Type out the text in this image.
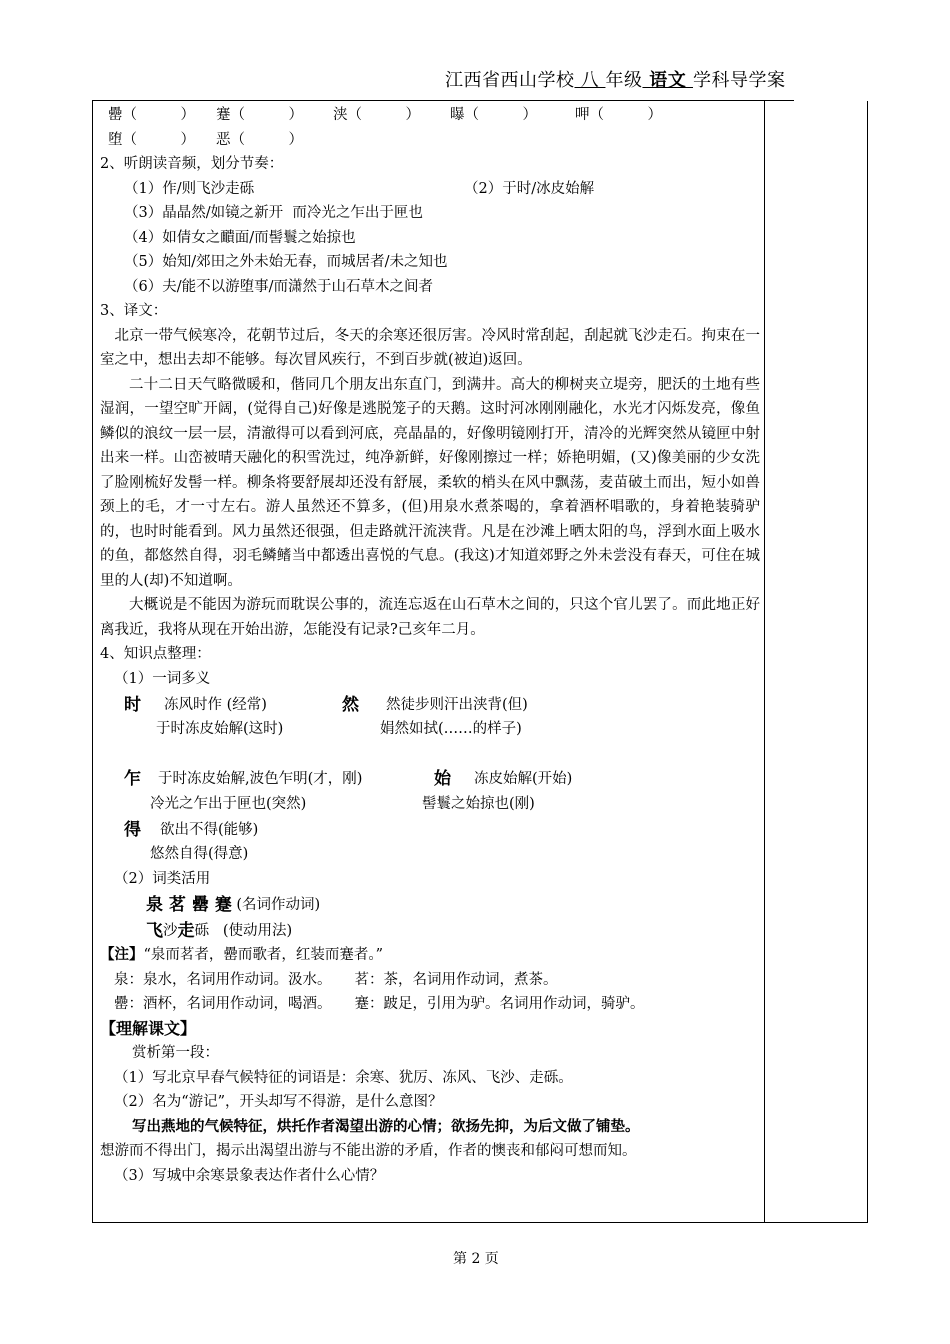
江西省西山学校 八 年级 语文 学科导学案
罍（　　　）	蹇（　　　）	浃（　　　）	曝（　　　）	呷（　　　）
堕（　　　）	恶（　　　）
2、听朗读音频，划分节奏：
（1）作/则飞沙走砾	（2）于时/冰皮始解
（3）晶晶然/如镜之新开  而冷光之乍出于匣也
（4）如倩女之靧面/而髻鬟之始掠也
（5）始知/郊田之外未始无春，而城居者/未之知也
（6）夫/能不以游堕事/而潇然于山石草木之间者
3、译文：

北京一带气候寒冷，花朝节过后，冬天的余寒还很厉害。冷风时常刮起，刮起就飞沙走石。拘束在一室之中，想出去却不能够。每次冒风疾行，不到百步就(被迫)返回。

二十二日天气略微暖和，偕同几个朋友出东直门，到满井。高大的柳树夹立堤旁，肥沃的土地有些湿润，一望空旷开阔，(觉得自己)好像是逃脱笼子的天鹅。这时河冰刚刚融化，水光才闪烁发亮，像鱼鳞似的浪纹一层一层，清澈得可以看到河底，亮晶晶的，好像明镜刚打开，清冷的光辉突然从镜匣中射出来一样。山峦被晴天融化的积雪洗过，纯净新鲜，好像刚擦过一样；娇艳明媚，(又)像美丽的少女洗了脸刚梳好发髻一样。柳条将要舒展却还没有舒展，柔软的梢头在风中飘荡，麦苗破土而出，短小如兽颈上的毛，才一寸左右。游人虽然还不算多，(但)用泉水煮茶喝的，拿着酒杯唱歌的，身着艳装骑驴的，也时时能看到。风力虽然还很强，但走路就汗流浃背。凡是在沙滩上晒太阳的鸟，浮到水面上吸水的鱼，都悠然自得，羽毛鳞鳍当中都透出喜悦的气息。(我这)才知道郊野之外未尝没有春天，可住在城里的人(却)不知道啊。

大概说是不能因为游玩而耽误公事的，流连忘返在山石草木之间的，只这个官儿罢了。而此地正好离我近，我将从现在开始出游，怎能没有记录?己亥年二月。

4、知识点整理：
（1）一词多义
时	冻风时作 (经常)	然	然徒步则汗出浃背(但)
于时冻皮始解(这时)	娟然如拭(……的样子)
乍	于时冻皮始解,波色乍明(才，刚)	始	冻皮始解(开始)
冷光之乍出于匣也(突然)	髻鬟之始掠也(刚)
得	欲出不得(能够)
悠然自得(得意)
（2）词类活用
泉 茗 罍 蹇 (名词作动词)
飞 沙 走 砾 (使动用法)
【注】 “泉而茗者，罍而歌者，红装而蹇者。”
泉：泉水，名词用作动词。汲水。     茗：茶，名词用作动词，煮茶。
罍：酒杯，名词用作动词，喝酒。     蹇：跛足，引用为驴。名词用作动词，骑驴。
【理解课文】
赏析第一段：
（1）写北京早春气候特征的词语是：余寒、犹厉、冻风、飞沙、走砾。
（2）名为“游记”，开头却写不得游，是什么意图？
写出燕地的气候特征，烘托作者渴望出游的心情；欲扬先抑，为后文做了铺垫。
想游而不得出门，揭示出渴望出游与不能出游的矛盾，作者的懊丧和郁闷可想而知。
（3）写城中余寒景象表达作者什么心情？
第 2 页
